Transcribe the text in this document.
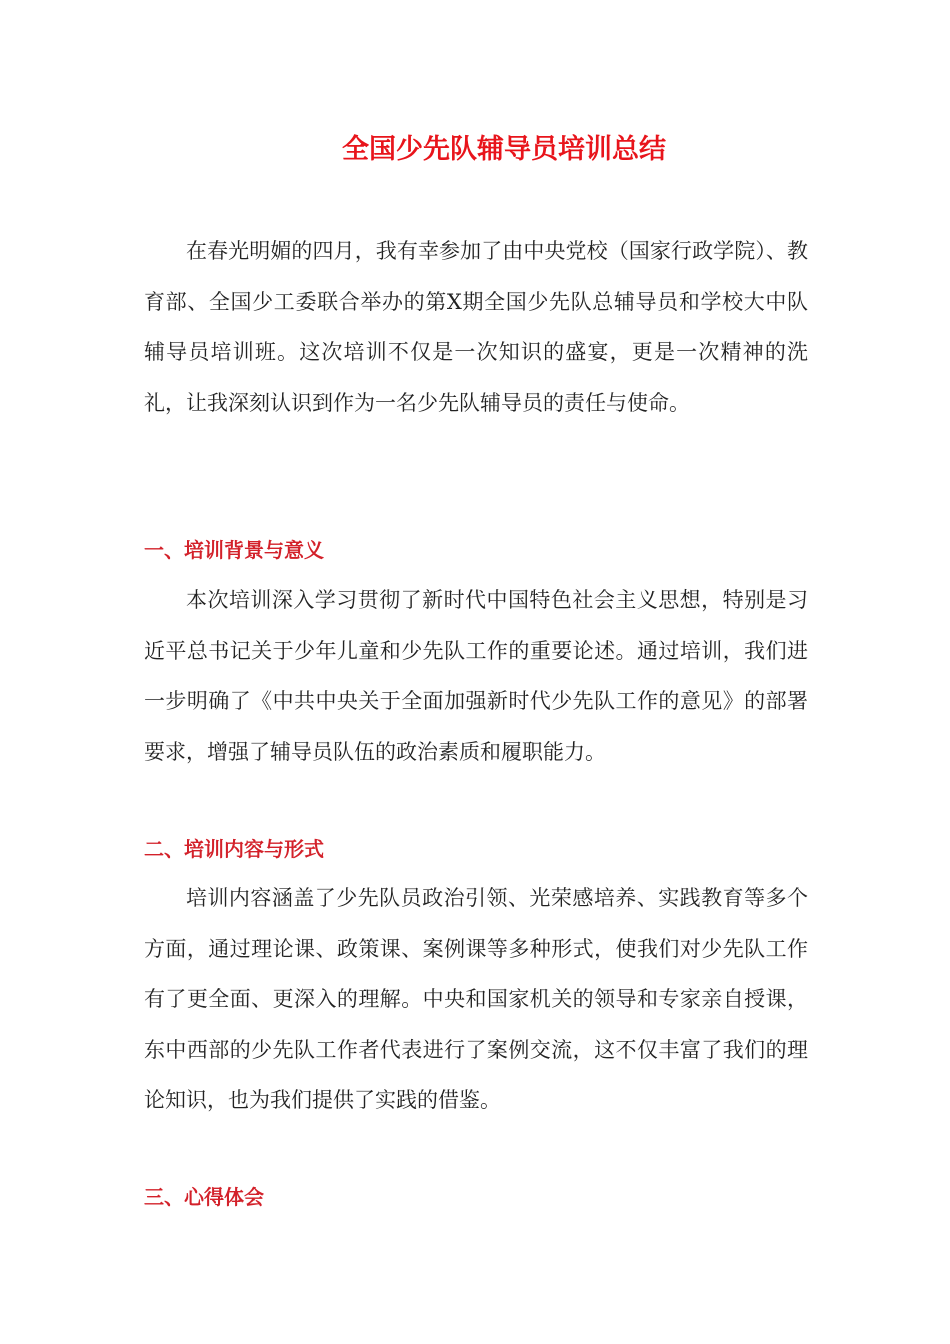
全国少先队辅导员培训总结

在春光明媚的四月，我有幸参加了由中央党校（国家行政学院）、教育部、全国少工委联合举办的第X期全国少先队总辅导员和学校大中队辅导员培训班。这次培训不仅是一次知识的盛宴，更是一次精神的洗礼，让我深刻认识到作为一名少先队辅导员的责任与使命。

一、培训背景与意义

本次培训深入学习贯彻了新时代中国特色社会主义思想，特别是习近平总书记关于少年儿童和少先队工作的重要论述。通过培训，我们进一步明确了《中共中央关于全面加强新时代少先队工作的意见》的部署要求，增强了辅导员队伍的政治素质和履职能力。

二、培训内容与形式

培训内容涵盖了少先队员政治引领、光荣感培养、实践教育等多个方面，通过理论课、政策课、案例课等多种形式，使我们对少先队工作有了更全面、更深入的理解。中央和国家机关的领导和专家亲自授课，东中西部的少先队工作者代表进行了案例交流，这不仅丰富了我们的理论知识，也为我们提供了实践的借鉴。

三、心得体会
